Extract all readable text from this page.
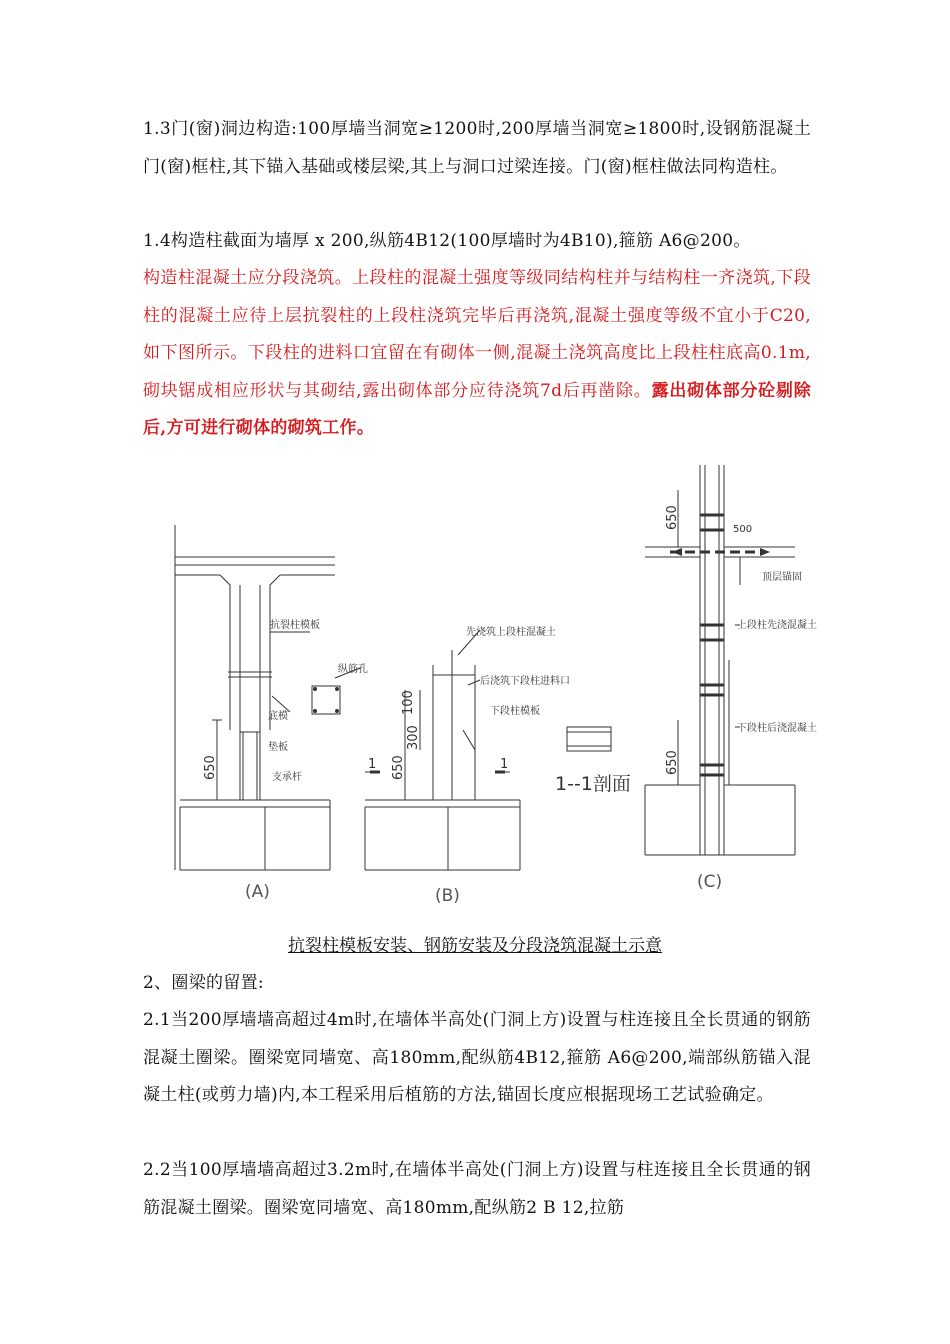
1.3门(窗)洞边构造:100厚墙当洞宽≥1200时,200厚墙当洞宽≥1800时,设钢筋混凝土门(窗)框柱,其下锚入基础或楼层梁,其上与洞口过梁连接。门(窗)框柱做法同构造柱。

1.4构造柱截面为墙厚 x 200,纵筋4B12(100厚墙时为4B10),箍筋 A6@200。

构造柱混凝土应分段浇筑。上段柱的混凝土强度等级同结构柱并与结构柱一齐浇筑,下段柱的混凝土应待上层抗裂柱的上段柱浇筑完毕后再浇筑,混凝土强度等级不宜小于C20,如下图所示。下段柱的进料口宜留在有砌体一侧,混凝土浇筑高度比上段柱柱底高0.1m,砌块锯成相应形状与其砌结,露出砌体部分应待浇筑7d后再凿除。露出砌体部分砼剔除后,方可进行砌体的砌筑工作。

抗裂柱模板
纵筋孔
底模
垫板
支承杆
先浇筑上段柱混凝土
后浇筑下段柱进料口
下段柱模板
500
顶层锚固
上段柱先浇混凝土
下段柱后浇混凝土
650	650
300
100
650
650
1	1
1--1剖面
(A)	(B)
(C)
抗裂柱模板安装、钢筋安装及分段浇筑混凝土示意

2、圈梁的留置:

2.1当200厚墙墙高超过4m时,在墙体半高处(门洞上方)设置与柱连接且全长贯通的钢筋混凝土圈梁。圈梁宽同墙宽、高180mm,配纵筋4B12,箍筋 A6@200,端部纵筋锚入混凝土柱(或剪力墙)内,本工程采用后植筋的方法,锚固长度应根据现场工艺试验确定。

2.2当100厚墙墙高超过3.2m时,在墙体半高处(门洞上方)设置与柱连接且全长贯通的钢筋混凝土圈梁。圈梁宽同墙宽、高180mm,配纵筋2 B 12,拉筋
